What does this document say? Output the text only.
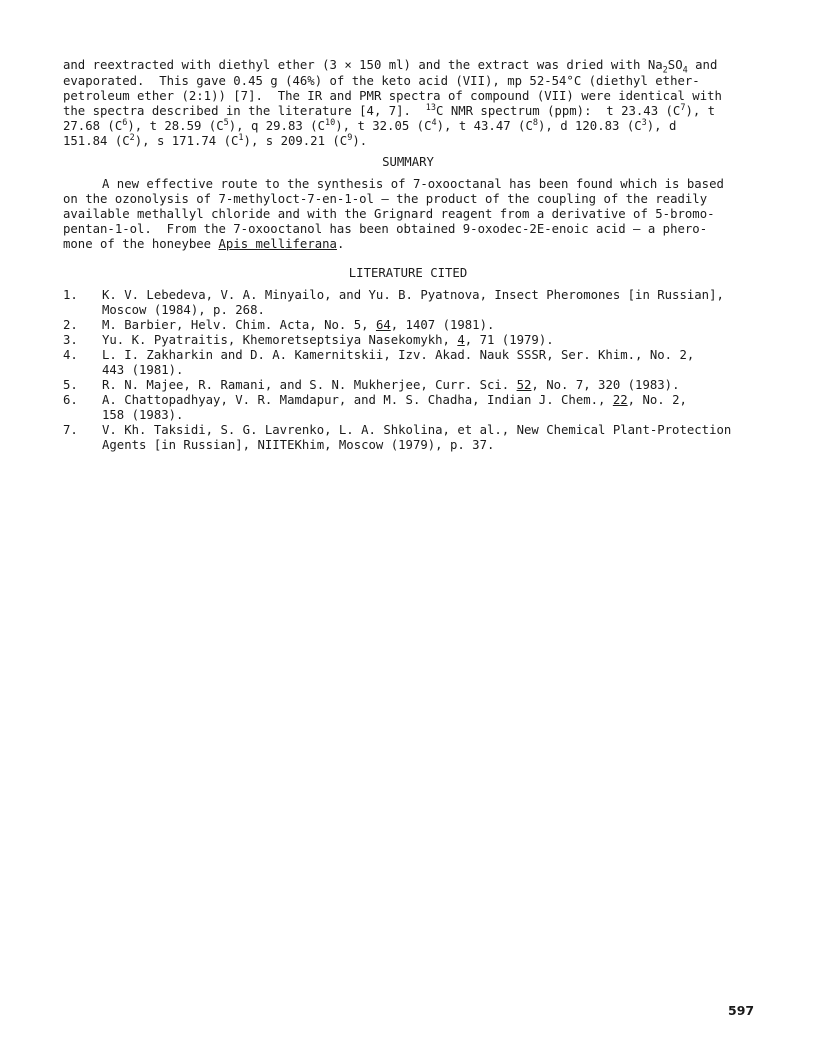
and reextracted with diethyl ether (3 × 150 ml) and the extract was dried with $Na_2SO_4$ and
evaporated.  This gave 0.45 g (46%) of the keto acid (VII), mp 52-54°C (diethyl ether-
petroleum ether (2:1)) [7].  The IR and PMR spectra of compound (VII) were identical with
the spectra described in the literature [4, 7].  $^{13}$C NMR spectrum (ppm):  t 23.43 $(C^7)$, t
27.68 $(C^6)$, t 28.59 $(C^5)$, q 29.83 $(C^{10})$, t 32.05 $(C^4)$, t 43.47 $(C^8)$, d 120.83 $(C^3)$, d
151.84 $(C^2)$, s 171.74 $(C^1)$, s 209.21 $(C^9)$.
SUMMARY
A new effective route to the synthesis of 7-oxooctanal has been found which is based
on the ozonolysis of 7-methyloct-7-en-1-ol — the product of the coupling of the readily
available methallyl chloride and with the Grignard reagent from a derivative of 5-bromo-
pentan-1-ol.  From the 7-oxooctanol has been obtained 9-oxodec-2E-enoic acid — a phero-
mone of the honeybee Apis melliferana.
LITERATURE CITED
1. K. V. Lebedeva, V. A. Minyailo, and Yu. B. Pyatnova, Insect Pheromones [in Russian],
Moscow (1984), p. 268.
2. M. Barbier, Helv. Chim. Acta, No. 5, 64, 1407 (1981).
3. Yu. K. Pyatraitis, Khemoretseptsiya Nasekomykh, 4, 71 (1979).
4. L. I. Zakharkin and D. A. Kamernitskii, Izv. Akad. Nauk SSSR, Ser. Khim., No. 2,
443 (1981).
5. R. N. Majee, R. Ramani, and S. N. Mukherjee, Curr. Sci. 52, No. 7, 320 (1983).
6. A. Chattopadhyay, V. R. Mamdapur, and M. S. Chadha, Indian J. Chem., 22, No. 2,
158 (1983).
7. V. Kh. Taksidi, S. G. Lavrenko, L. A. Shkolina, et al., New Chemical Plant-Protection
Agents [in Russian], NIITEKhim, Moscow (1979), p. 37.
597
